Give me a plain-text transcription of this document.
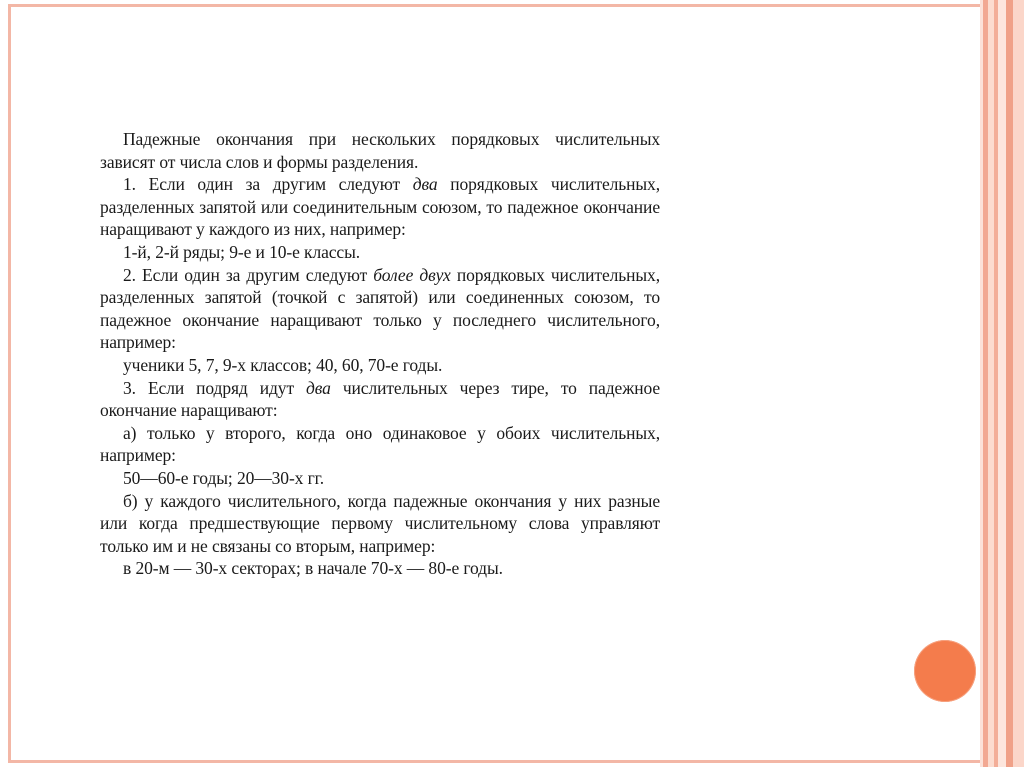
Падежные окончания при нескольких порядковых числительных зависят от числа слов и формы разделения.

1. Если один за другим следуют два порядковых числительных, разделенных запятой или соединительным союзом, то падежное окончание наращивают у каждого из них, например:

1-й, 2-й ряды; 9-е и 10-е классы.

2. Если один за другим следуют более двух порядковых числительных, разделенных запятой (точкой с запятой) или соединенных союзом, то падежное окончание наращивают только у последнего числительного, например:

ученики 5, 7, 9-х классов; 40, 60, 70-е годы.

3. Если подряд идут два числительных через тире, то падежное окончание наращивают:

а) только у второго, когда оно одинаковое у обоих числительных, например:

50—60-е годы; 20—30-х гг.

б) у каждого числительного, когда падежные окончания у них разные или когда предшествующие первому числительному слова управляют только им и не связаны со вторым, например:

в 20-м — 30-х секторах; в начале 70-х — 80-е годы.
